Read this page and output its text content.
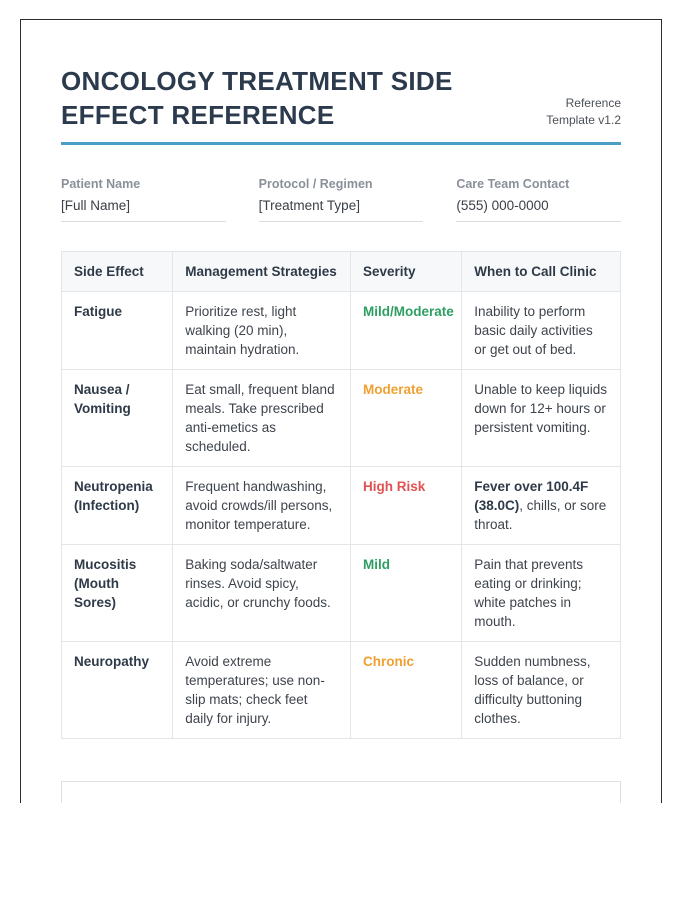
ONCOLOGY TREATMENT SIDE EFFECT REFERENCE	Reference
Template v1.2
Patient Name
[Full Name]
Protocol / Regimen
[Treatment Type]
Care Team Contact
(555) 000-0000
Side Effect	Management Strategies	Severity	When to Call Clinic
Fatigue	Prioritize rest, light walking (20 min), maintain hydration.	Mild/Moderate	Inability to perform basic daily activities or get out of bed.
Nausea / Vomiting	Eat small, frequent bland meals. Take prescribed anti-emetics as scheduled.	Moderate	Unable to keep liquids down for 12+ hours or persistent vomiting.
Neutropenia (Infection)	Frequent handwashing, avoid crowds/ill persons, monitor temperature.	High Risk	Fever over 100.4F (38.0C), chills, or sore throat.
Mucositis (Mouth Sores)	Baking soda/saltwater rinses. Avoid spicy, acidic, or crunchy foods.	Mild	Pain that prevents eating or drinking; white patches in mouth.
Neuropathy	Avoid extreme temperatures; use non-slip mats; check feet daily for injury.	Chronic	Sudden numbness, loss of balance, or difficulty buttoning clothes.
